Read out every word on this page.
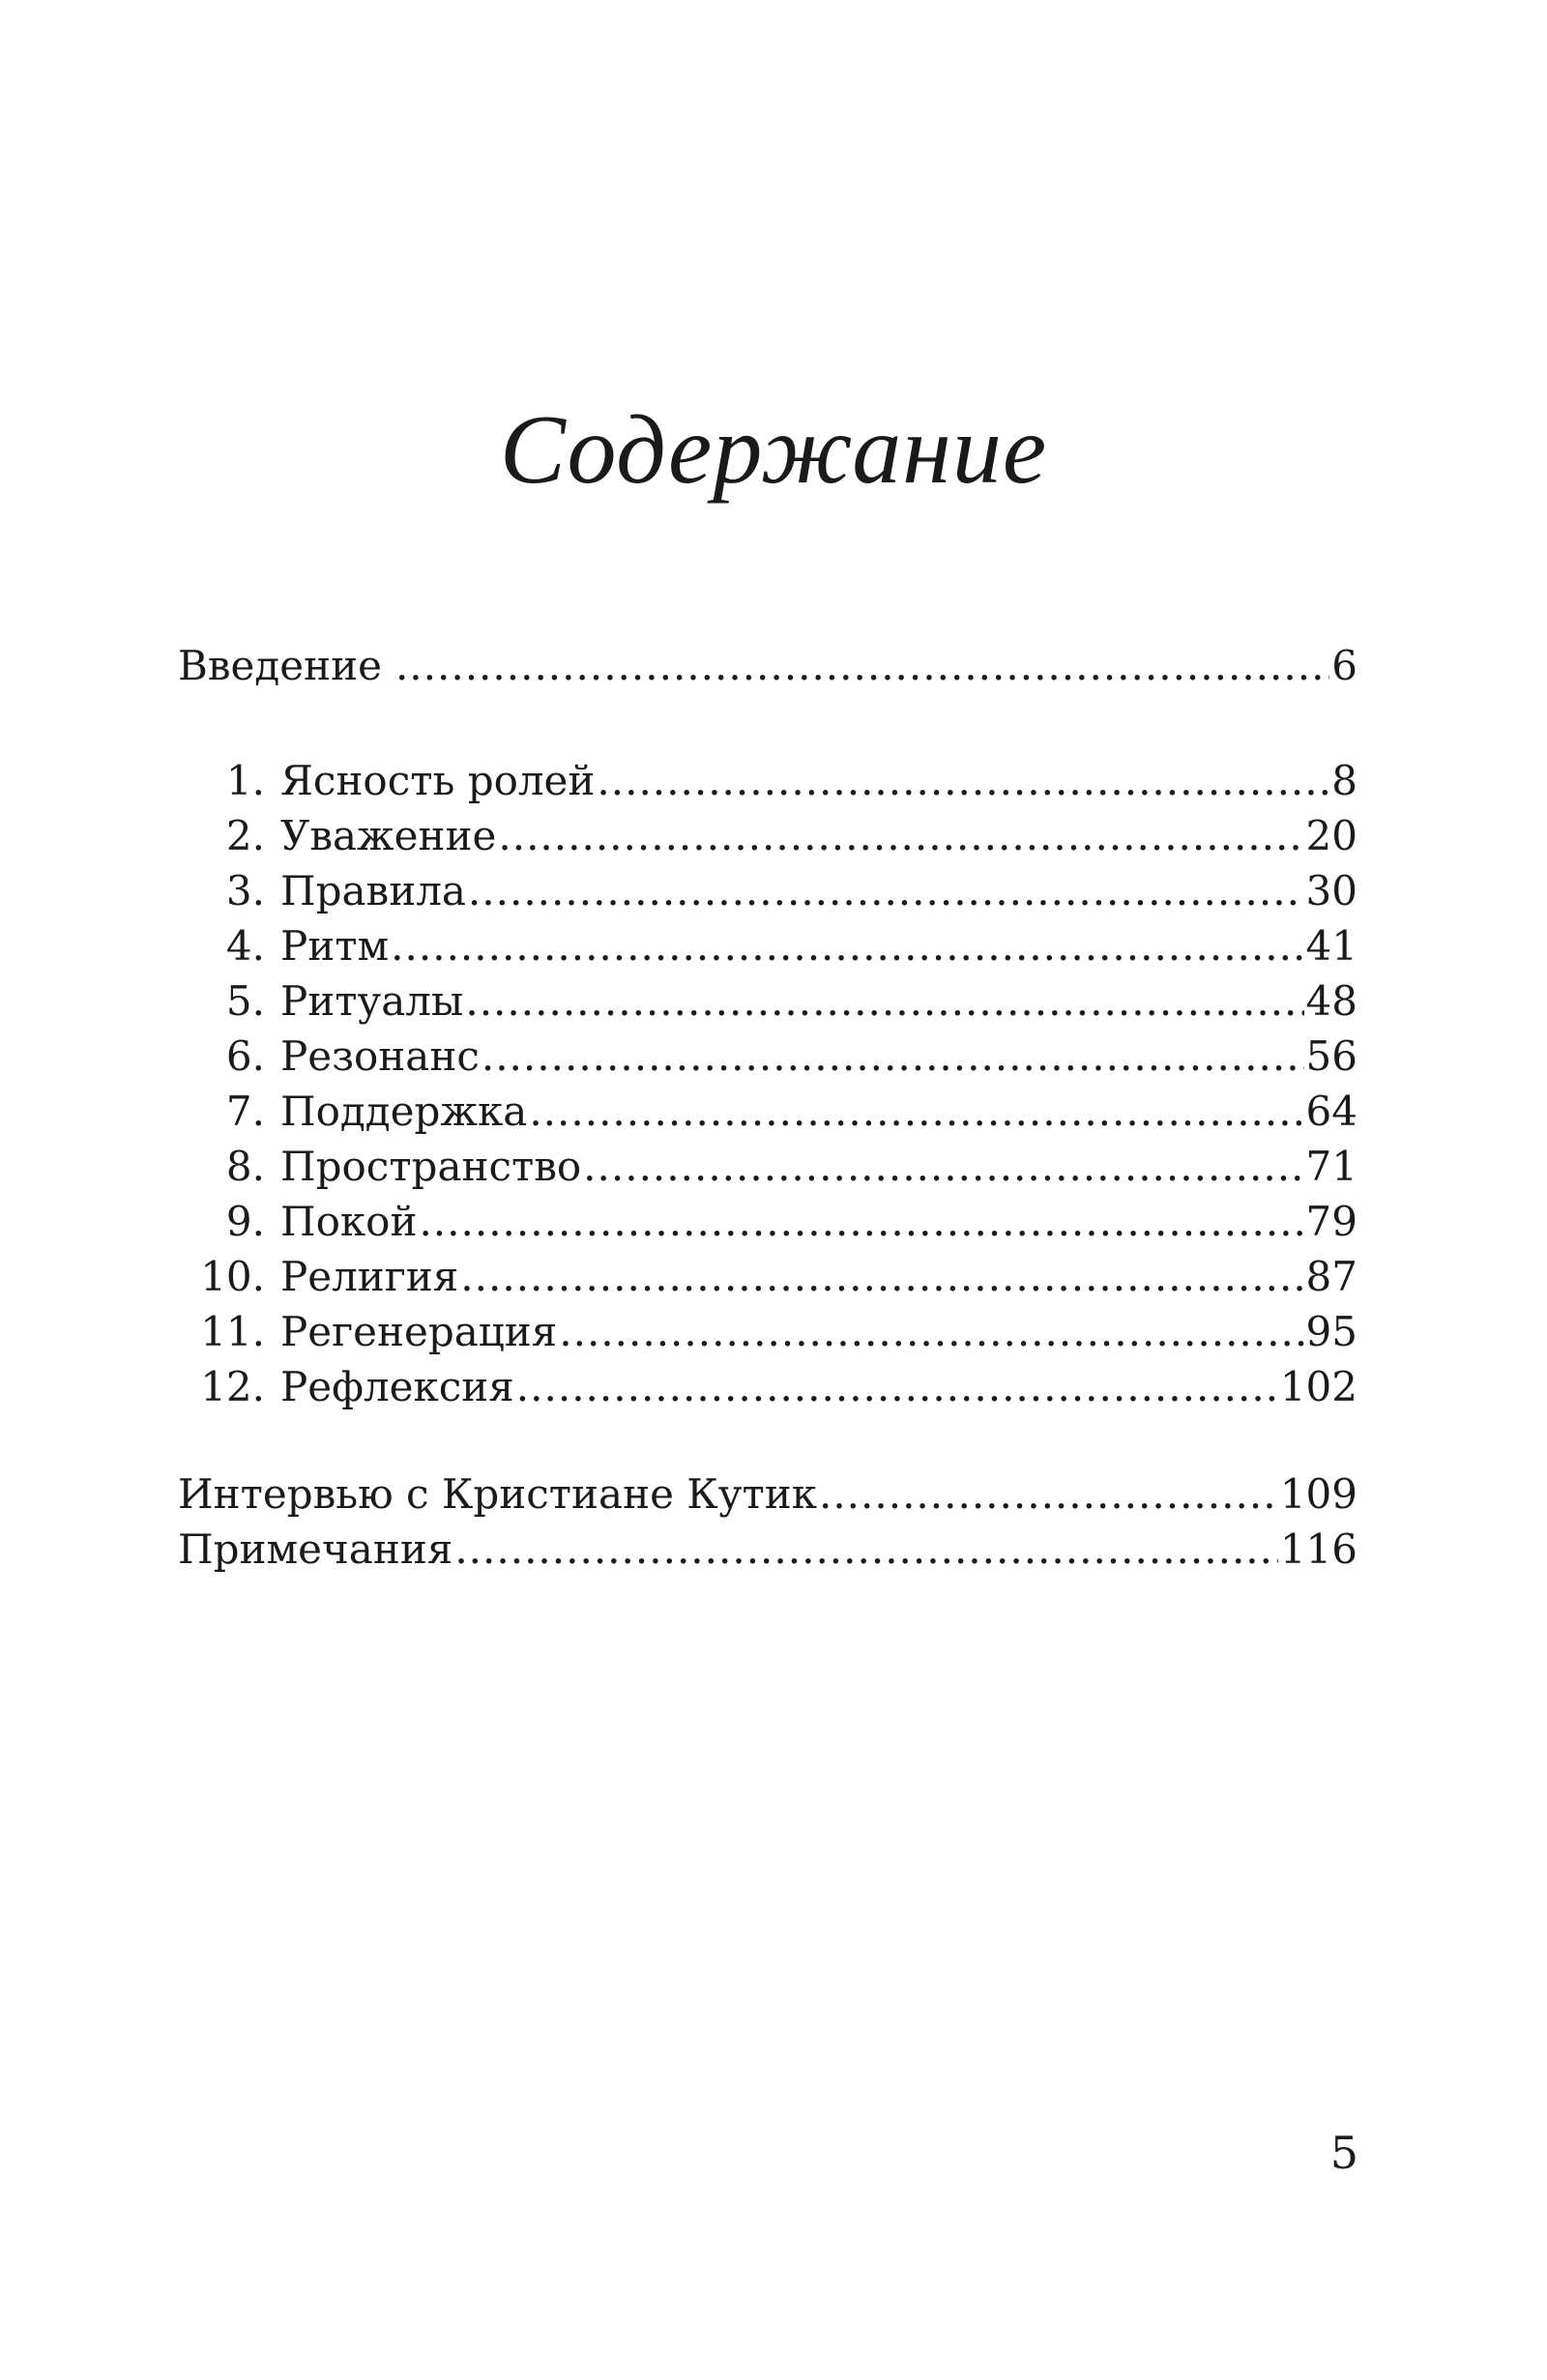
Содержание
Введение .....	6
1. Ясность ролей .....	8
2. Уважение .....	20
3. Правила .....	30
4. Ритм .....	41
5. Ритуалы .....	48
6. Резонанс .....	56
7. Поддержка .....	64
8. Пространство .....	71
9. Покой .....	79
10. Религия .....	87
11. Регенерация .....	95
12. Рефлексия .....	102
Интервью с Кристиане Кутик .....	109
Примечания .....	116
5
